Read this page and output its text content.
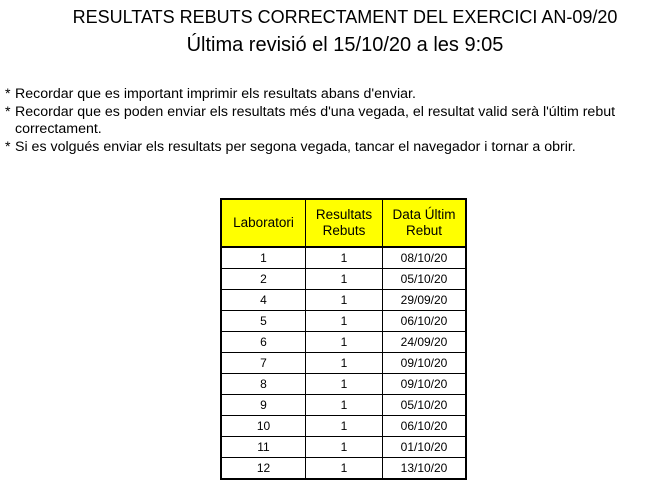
RESULTATS REBUTS CORRECTAMENT DEL EXERCICI AN-09/20
Última revisió el 15/10/20 a les 9:05
* Recordar que es important imprimir els resultats abans d'enviar.
* Recordar que es poden enviar els resultats més d'una vegada, el resultat valid serà l'últim rebut correctament.
* Si es volgués enviar els resultats per segona vegada, tancar el navegador i tornar a obrir.
Laboratori	Resultats Rebuts	Data Últim Rebut
1	1	08/10/20
2	1	05/10/20
4	1	29/09/20
5	1	06/10/20
6	1	24/09/20
7	1	09/10/20
8	1	09/10/20
9	1	05/10/20
10	1	06/10/20
11	1	01/10/20
12	1	13/10/20
